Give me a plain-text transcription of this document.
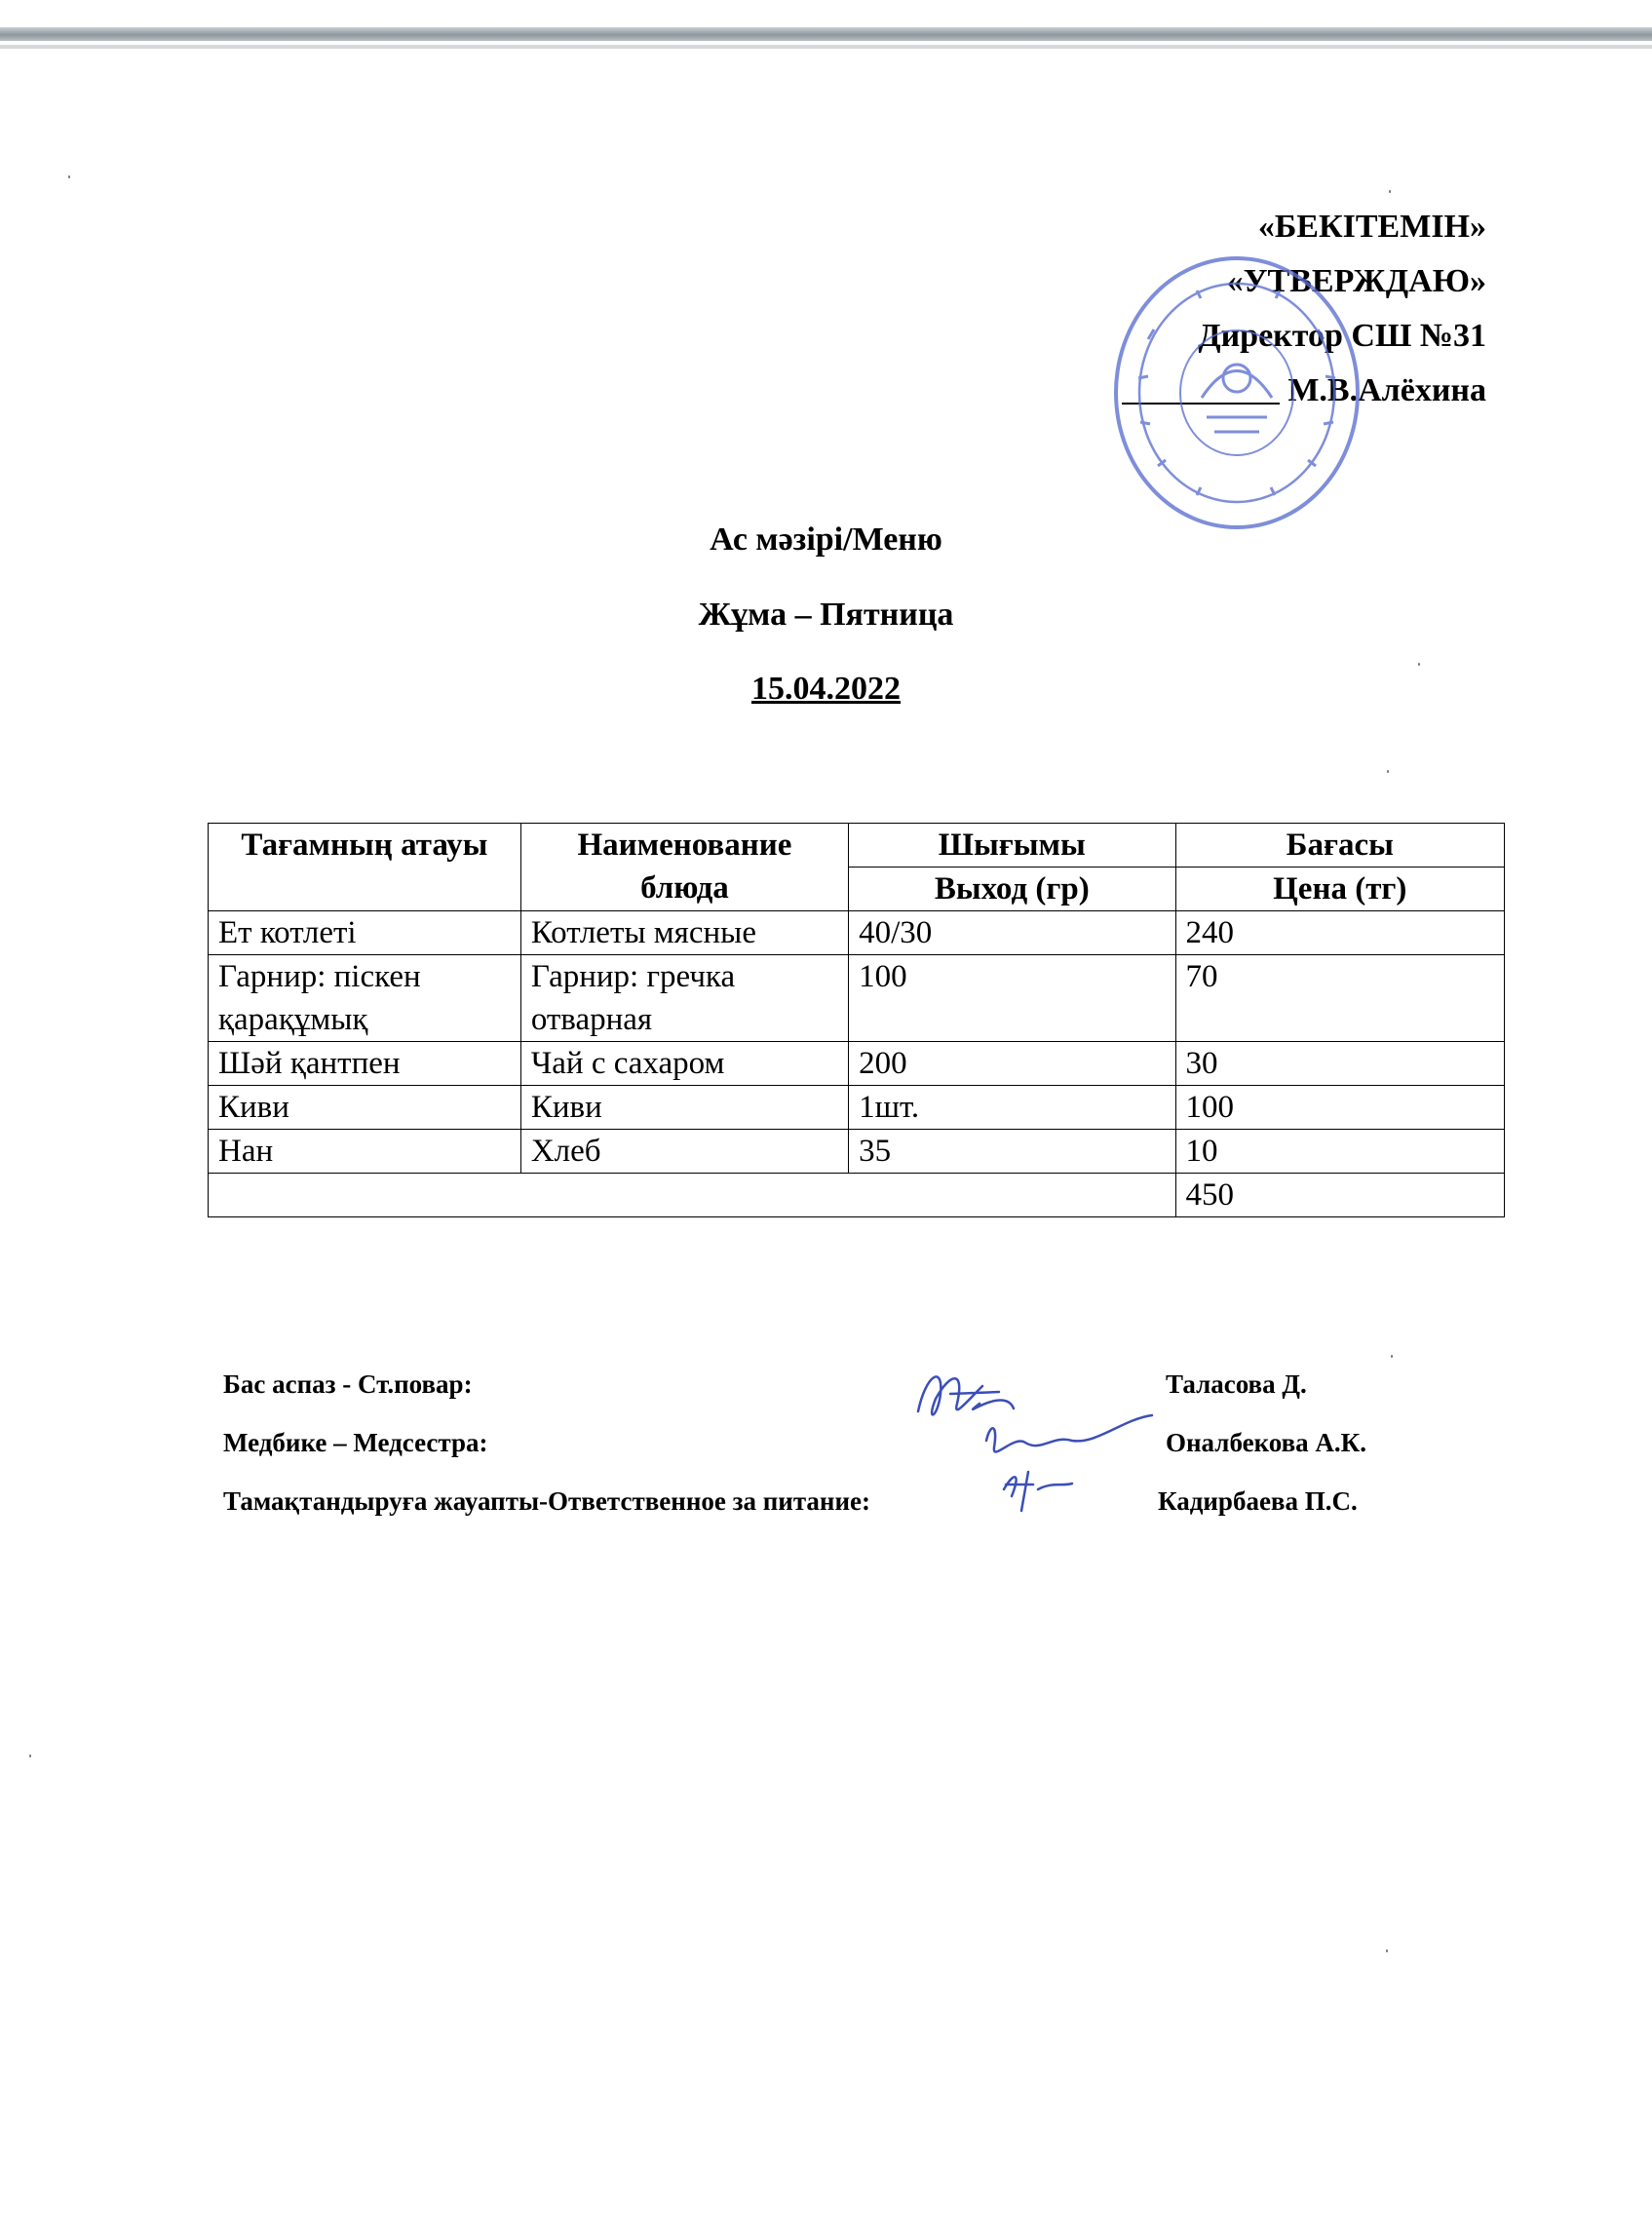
«БЕКІТЕМІН»
«УТВЕРЖДАЮ»
Директор СШ №31
М.В.Алёхина
Ас мәзірі/Меню
Жұма – Пятница
15.04.2022
Тағамның атауы	Наименование блюда	Шығымы	Бағасы
		Выход (гр)	Цена (тг)
Ет котлеті	Котлеты мясные	40/30	240
Гарнир: піскен қарақұмық	Гарнир: гречка отварная	100	70
Шәй қантпен	Чай с сахаром	200	30
Киви	Киви	1шт.	100
Нан	Хлеб	35	10
			450
Бас аспаз - Ст.повар:
Медбике – Медсестра:
Тамақтандыруға жауапты-Ответственное за питание:
Таласова Д.
Оналбекова А.К.
Кадирбаева П.С.
